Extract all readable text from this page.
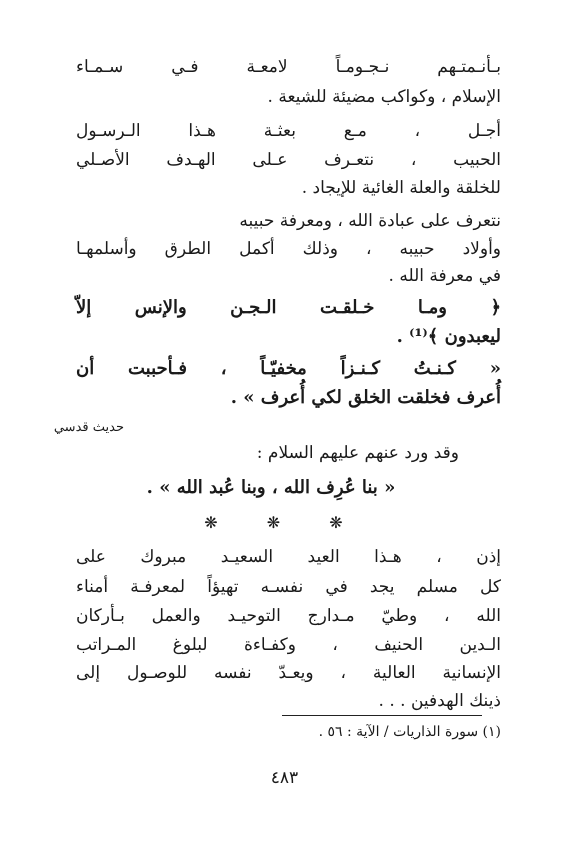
بـأنـمتـهم نـجـومـاً لامعـة فـي سـمـاء
الإسلام ، وكواكب مضيئة للشيعة .
أجـل ، مـع بعثـة هـذا الـرسـول
الحبيب ، نتعـرف عـلى الهـدف الأصـلي
للخلقة والعلة الغائية للإيجاد .
نتعرف على عبادة الله ، ومعرفة حبيبه
وأولاد حبيبه ، وذلك أكمل الطرق وأسلمهـا
في معرفة الله .
﴿ ومـا خـلقـت الـجـن والإنس إلاّ
ليعبدون ﴾⁽¹⁾ .
« كـنـتُ كـنـزاً مخفيّـاً ، فـأحببت أن
أُعرف فخلقت الخلق لكي أُعرف » .
حديث قدسي
وقد ورد عنهم عليهم السلام :
« بنا عُرِف الله ، وبنا عُبد الله » .
❋ ❋ ❋
إذن ، هـذا العيد السعيـد مبروك على
كل مسلم يجد في نفسـه تهيؤاً لمعرفـة أمناء
الله ، وطيّ مـدارج التوحيـد والعمل بـأركان
الـدين الحنيف ، وكفـاءة لبلوغ المـراتب
الإنسانية العالية ، ويعـدّ نفسه للوصـول إلى
ذينك الهدفين . . .
(١) سورة الذاريات / الآية : ٥٦ .
٤٨٣
